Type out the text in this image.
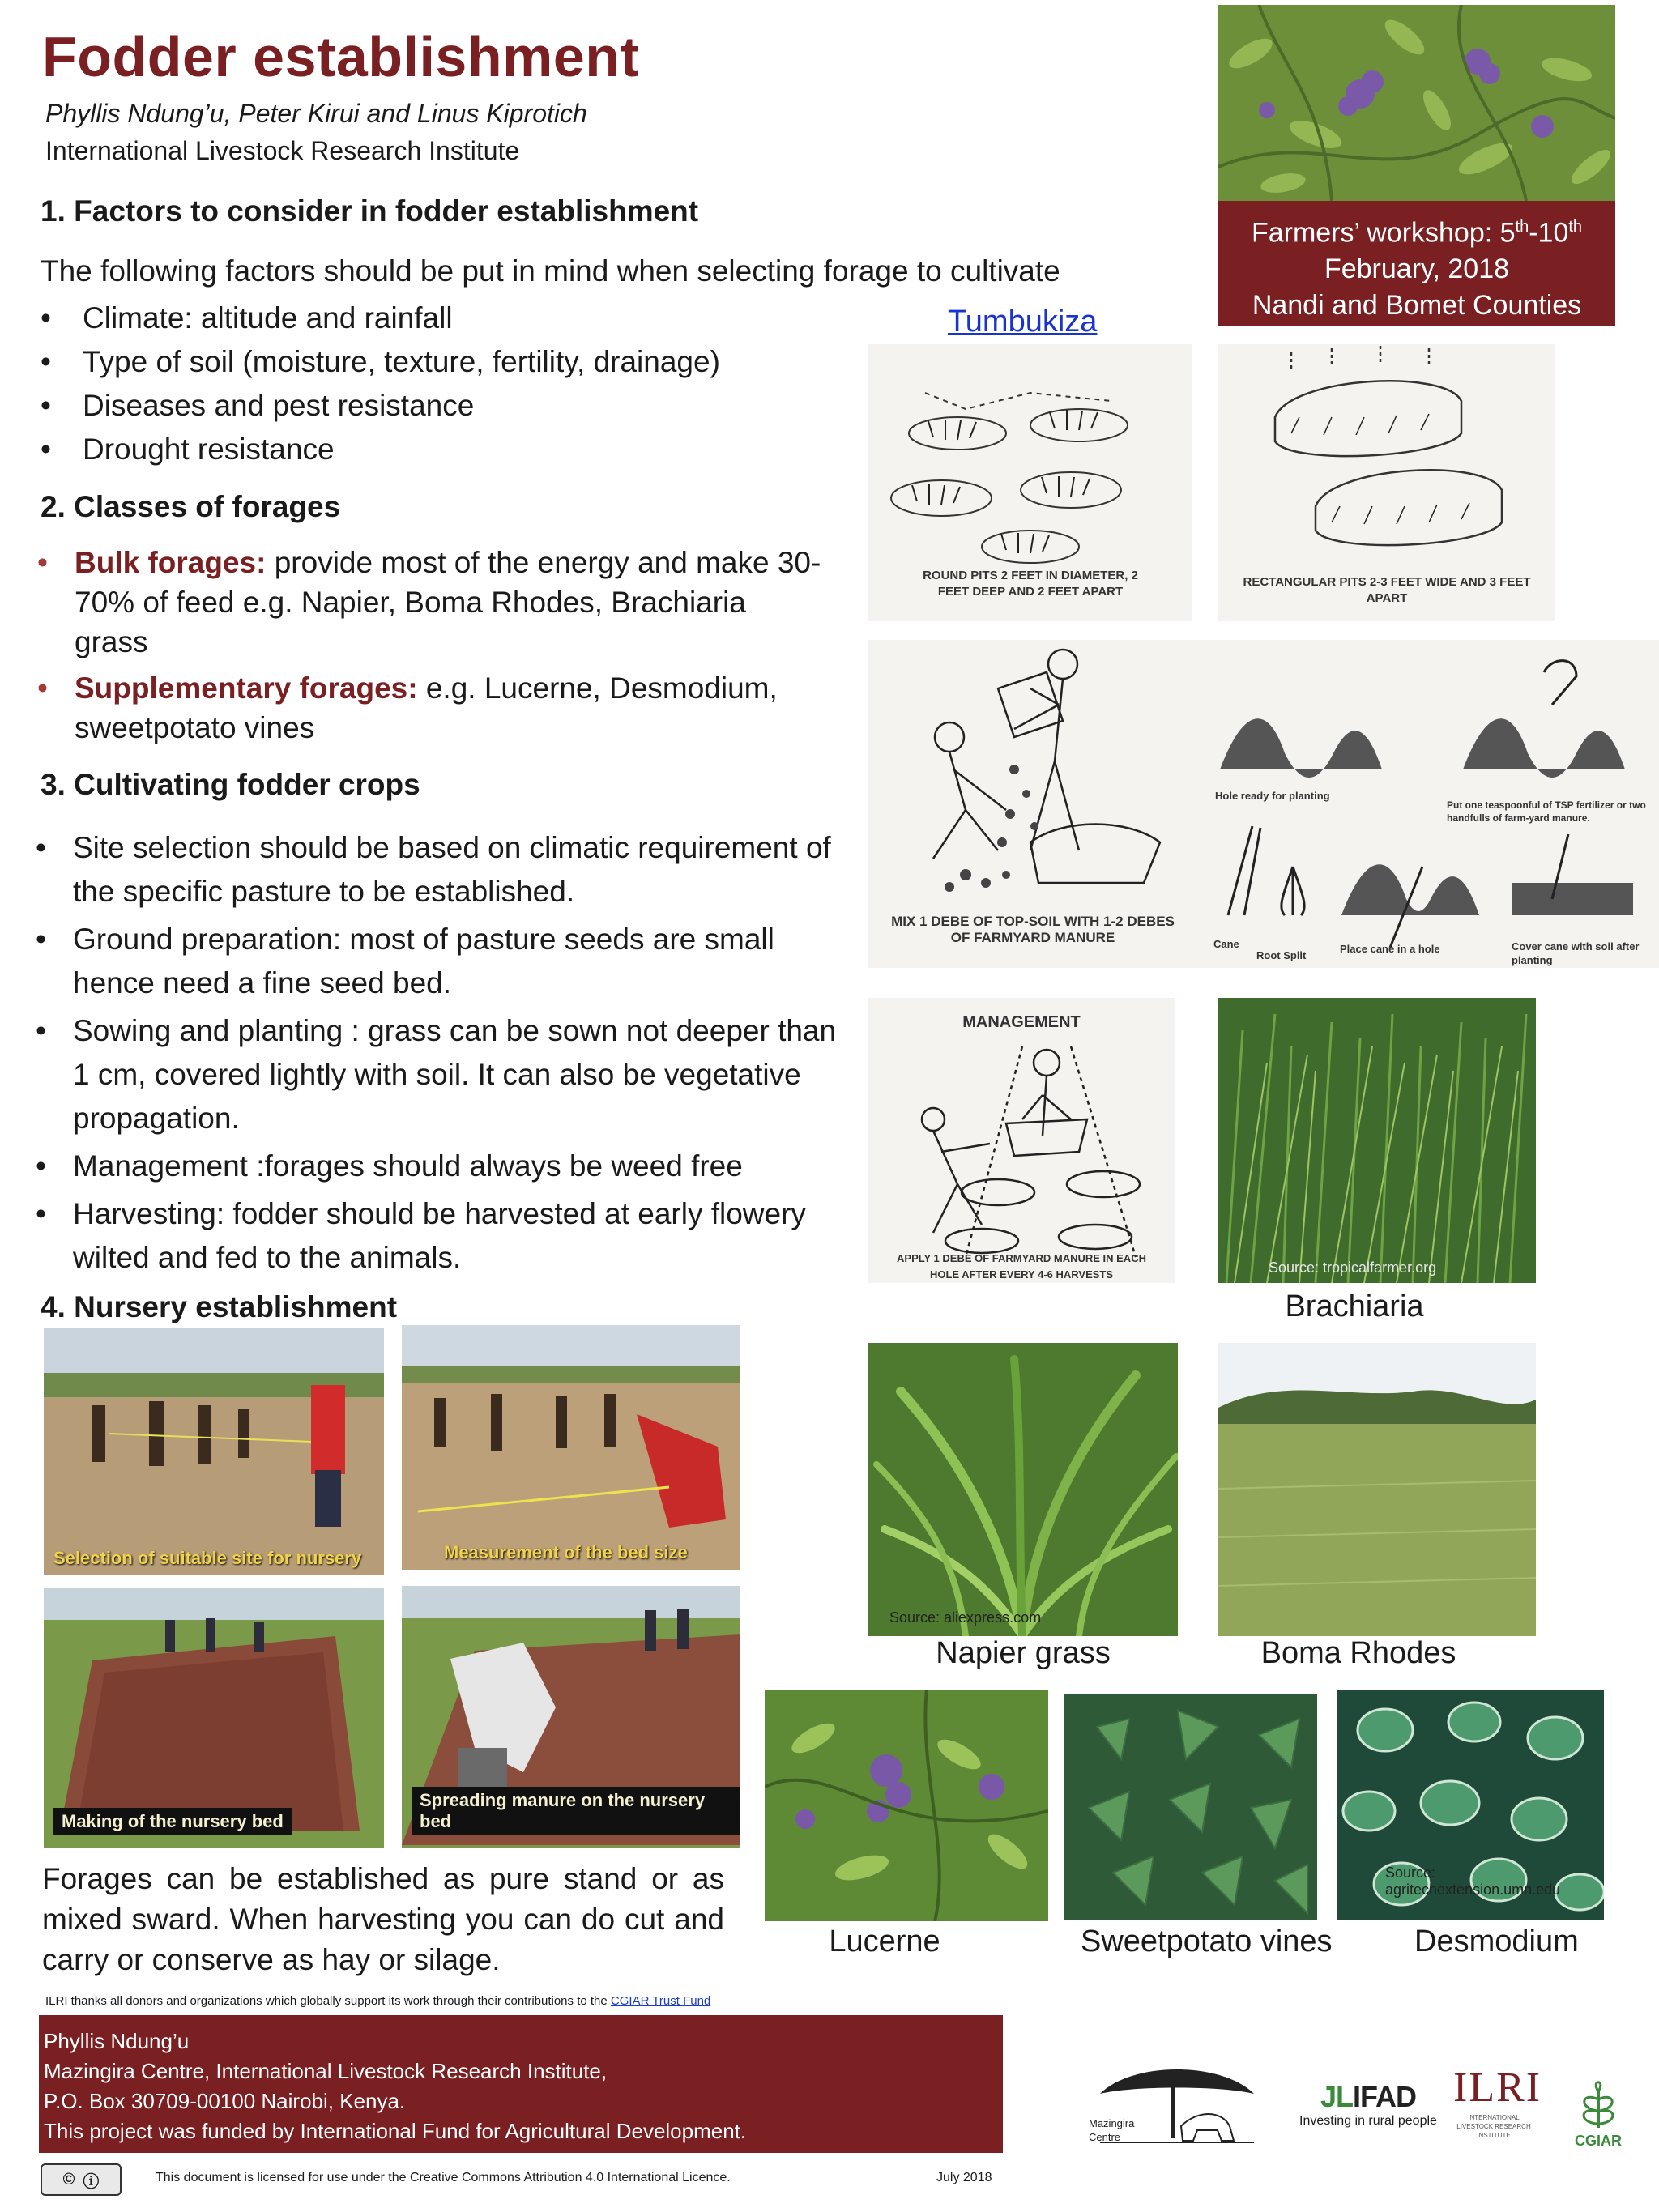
Fodder establishment
Phyllis Ndung’u, Peter Kirui and Linus Kiprotich
International Livestock Research Institute
Farmers’ workshop: 5th-10th
February, 2018
Nandi and Bomet Counties
1. Factors to consider in fodder establishment
The following factors should be put in mind when selecting forage to cultivate
• Climate: altitude and rainfall
• Type of soil (moisture, texture, fertility, drainage)
• Diseases and pest resistance
• Drought resistance
2. Classes of forages
• Bulk forages: provide most of the energy and make 30-70% of feed e.g. Napier, Boma Rhodes, Brachiaria grass
• Supplementary forages: e.g. Lucerne, Desmodium, sweetpotato vines
3. Cultivating fodder crops
• Site selection should be based on climatic requirement of the specific pasture to be established.
• Ground preparation: most of pasture seeds are small hence need a fine seed bed.
• Sowing and planting : grass can be sown not deeper than 1 cm, covered lightly with soil. It can also be vegetative propagation.
• Management :forages should always be weed free
• Harvesting: fodder should be harvested at early flowery wilted and fed to the animals.
4. Nursery establishment
Selection of suitable site for nursery	Measurement of the bed size
Making of the nursery bed
Spreading manure on the nursery bed
Forages can be established as pure stand or as mixed sward. When harvesting you can do cut and carry or conserve as hay or silage.
Tumbukiza
ROUND PITS 2 FEET IN DIAMETER, 2 FEET DEEP AND 2 FEET APART
RECTANGULAR PITS 2-3 FEET WIDE AND 3 FEET APART
MIX 1 DEBE OF TOP-SOIL WITH 1-2 DEBES OF FARMYARD MANURE
Hole ready for planting
Put one teaspoonful of TSP fertilizer or two handfulls of farm-yard manure.
Cane
Root Split
Place cane in a hole	Cover cane with soil after planting
MANAGEMENT
APPLY 1 DEBE OF FARMYARD MANURE IN EACH HOLE AFTER EVERY 4-6 HARVESTS	Source: tropicalfarmer.org
Brachiaria
Source: aliexpress.com
Napier grass	Boma Rhodes
Lucerne	Sweetpotato vines
Source: agritechextension.umn.edu
Desmodium
ILRI thanks all donors and organizations which globally support its work through their contributions to the CGIAR Trust Fund
Phyllis Ndung’u
Mazingira Centre, International Livestock Research Institute,
P.O. Box 30709-00100 Nairobi, Kenya.
This project was funded by International Fund for Agricultural Development.	Mazingira Centre
JLIFAD
Investing in rural people
ILRI
INTERNATIONAL LIVESTOCK RESEARCH INSTITUTE	CGIAR
© ⓘ	This document is licensed for use under the Creative Commons Attribution 4.0 International Licence.	July 2018
